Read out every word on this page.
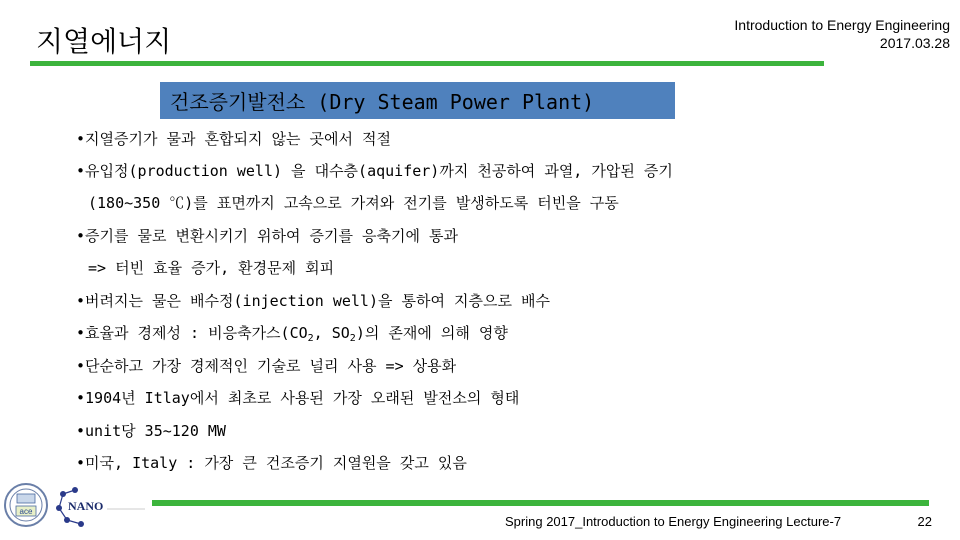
지열에너지	Introduction to Energy Engineering
2017.03.28
건조증기발전소 (Dry Steam Power Plant)
•지열증기가 물과 혼합되지 않는 곳에서 적절
•유입정(production well) 을 대수층(aquifer)까지 천공하여 과열, 가압된 증기
(180~350 ℃)를 표면까지 고속으로 가져와 전기를 발생하도록 터빈을 구동
•증기를 물로 변환시키기 위하여 증기를 응축기에 통과
=> 터빈 효율 증가, 환경문제 회피
•버려지는 물은 배수정(injection well)을 통하여 지층으로 배수
•효율과 경제성 : 비응축가스($CO_2$, $SO_2$)의 존재에 의해 영향
•단순하고 가장 경제적인 기술로 널리 사용 => 상용화
•1904년 Itlay에서 최초로 사용된 가장 오래된 발전소의 형태
•unit당 35~120 MW
•미국, Italy : 가장 큰 건조증기 지열원을 갖고 있음
ace	NANO
Spring 2017_Introduction to Energy Engineering Lecture-7	22
